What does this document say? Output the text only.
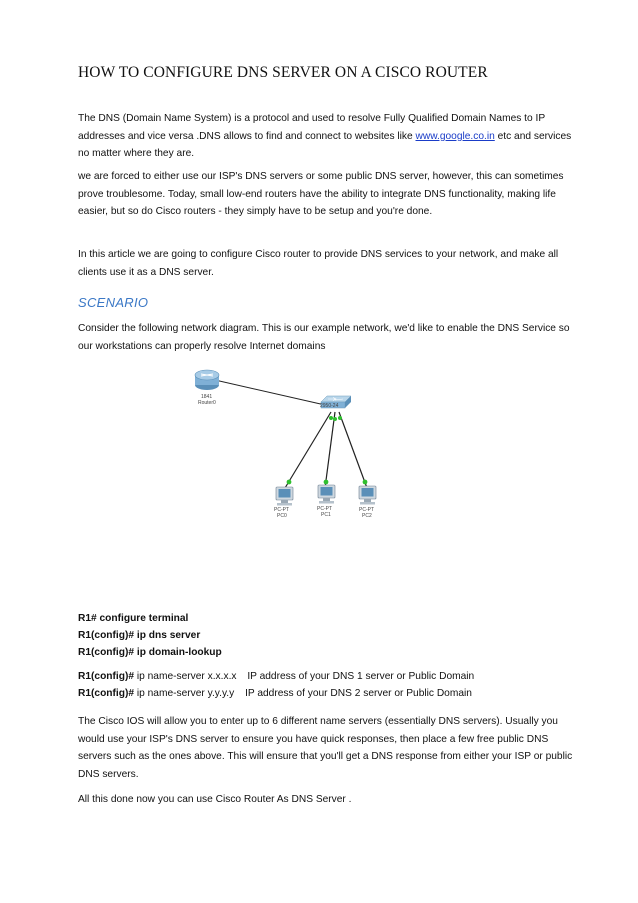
HOW TO CONFIGURE DNS SERVER ON A CISCO ROUTER
The DNS (Domain Name System) is a protocol and used to resolve Fully Qualified Domain Names to IP addresses and vice versa .DNS allows to find and connect to websites like www.google.co.in etc and services no matter where they are.
we are forced to either use our ISP's DNS servers or some public DNS server, however, this can sometimes prove troublesome. Today, small low-end routers have the ability to integrate DNS functionality, making life easier, but so do Cisco routers - they simply have to be setup and you're done.
In this article we are going to configure Cisco router to provide DNS services to your network, and make all clients use it as a DNS server.
SCENARIO
Consider the following network diagram. This is our example network, we'd like to enable the DNS Service so our workstations can properly resolve Internet domains
1841
Router0	2950-24
PC-PT
PC0
PC-PT
PC1
PC-PT
PC2
R1# configure terminal
R1(config)# ip dns server
R1(config)# ip domain-lookup
R1(config)# ip name-server x.x.x.x IP address of your DNS 1 server or Public Domain
R1(config)# ip name-server y.y.y.y IP address of your DNS 2 server or Public Domain
The Cisco IOS will allow you to enter up to 6 different name servers (essentially DNS servers). Usually you would use your ISP's DNS server to ensure you have quick responses, then place a few free public DNS servers such as the ones above. This will ensure that you'll get a DNS response from either your ISP or public DNS servers.
All this done now you can use Cisco Router As DNS Server .
